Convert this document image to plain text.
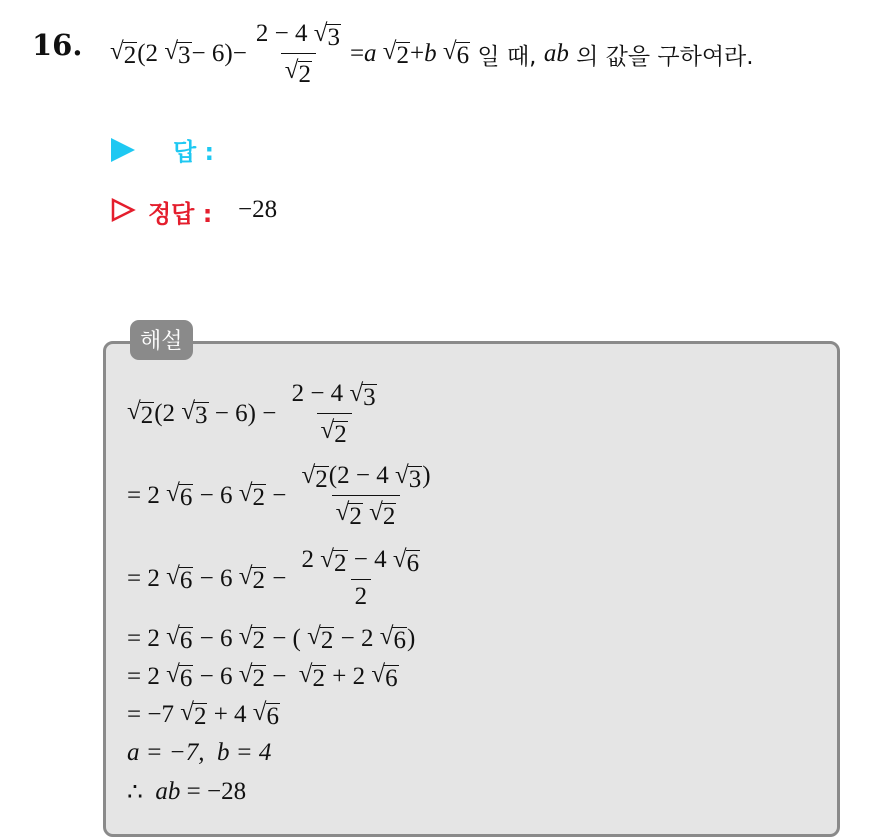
16. √ 2 (2
√ $3 - 6) - \frac{2 - 4 √ 3}{√ 2} = a$
√ 2 + b
√ 6 일 때, ab 의 값을 구하여라.
답 :
정답 : −28
해설
√ 2 (2
√ $3 - 6) - \frac{2 - 4 √ 3}{√ 2}$
= 2
√ 6 − 6
√ 2 − √ 2 (2 − 4 √ 3 )
√ 2
√ 2
= 2
√ 6 − 6
√ $2 - \frac{2 √ 2 - 4 √ 6}{2}$
= 2
√ 6 − 6
√ 2 − (
√ 2 − 2
√ 6 )
= 2
√ 6 − 6
√ 2 −
√ 2 + 2
√ 6
= −7
√ 2 + 4
√ 6
a = −7,  b = 4
∴ ab = −28
